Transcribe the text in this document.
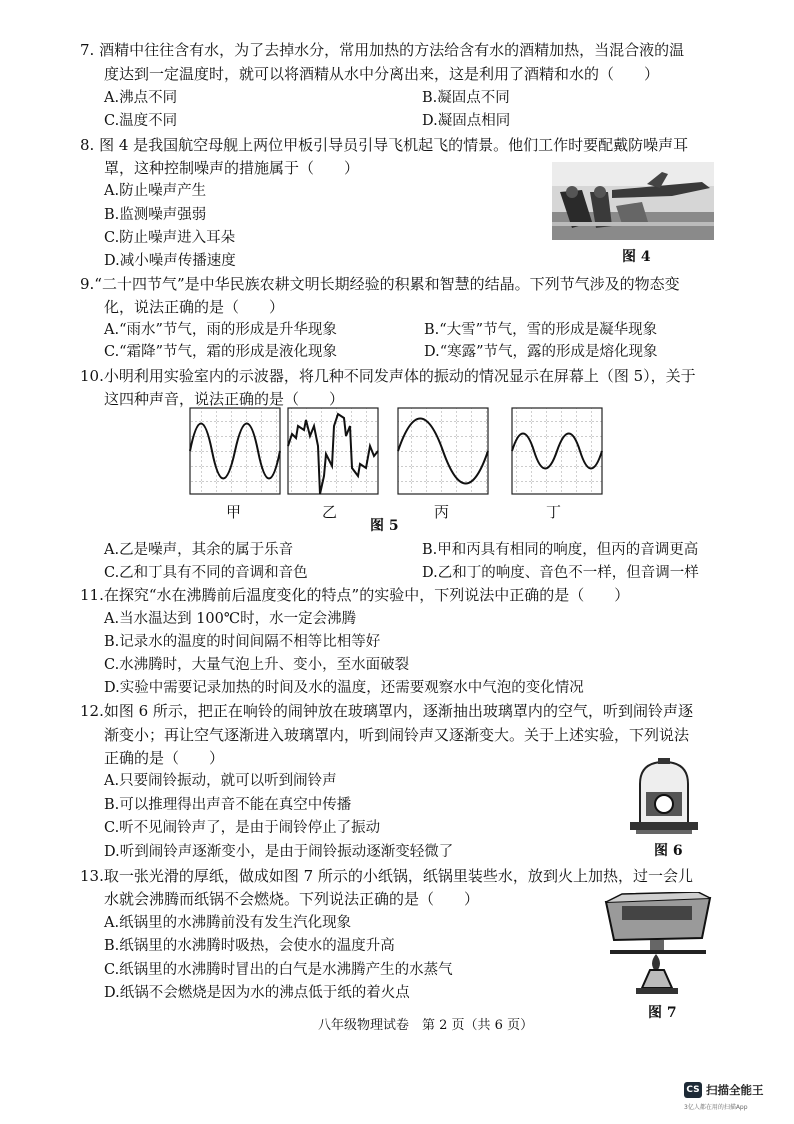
7. 酒精中往往含有水，为了去掉水分，常用加热的方法给含有水的酒精加热，当混合液的温
度达到一定温度时，就可以将酒精从水中分离出来，这是利用了酒精和水的（　　）
A.沸点不同	B.凝固点不同
C.温度不同	D.凝固点相同
8. 图 4 是我国航空母舰上两位甲板引导员引导飞机起飞的情景。他们工作时要配戴防噪声耳
罩，这种控制噪声的措施属于（　　）
A.防止噪声产生
B.监测噪声强弱
C.防止噪声进入耳朵
D.减小噪声传播速度	图 4
9.“二十四节气”是中华民族农耕文明长期经验的积累和智慧的结晶。下列节气涉及的物态变
化，说法正确的是（　　）
A.“雨水”节气，雨的形成是升华现象	B.“大雪”节气，雪的形成是凝华现象
C.“霜降”节气，霜的形成是液化现象	D.“寒露”节气，露的形成是熔化现象
10.小明利用实验室内的示波器，将几种不同发声体的振动的情况显示在屏幕上（图 5），关于
这四种声音，说法正确的是（　　）
甲	乙	丙	丁
图 5
A.乙是噪声，其余的属于乐音	B.甲和丙具有相同的响度，但丙的音调更高
C.乙和丁具有不同的音调和音色	D.乙和丁的响度、音色不一样，但音调一样
11.在探究“水在沸腾前后温度变化的特点”的实验中，下列说法中正确的是（　　）
A.当水温达到 100℃时，水一定会沸腾
B.记录水的温度的时间间隔不相等比相等好
C.水沸腾时，大量气泡上升、变小，至水面破裂
D.实验中需要记录加热的时间及水的温度，还需要观察水中气泡的变化情况
12.如图 6 所示，把正在响铃的闹钟放在玻璃罩内，逐渐抽出玻璃罩内的空气，听到闹铃声逐
渐变小；再让空气逐渐进入玻璃罩内，听到闹铃声又逐渐变大。关于上述实验，下列说法
正确的是（　　）
A.只要闹铃振动，就可以听到闹铃声
B.可以推理得出声音不能在真空中传播
C.听不见闹铃声了，是由于闹铃停止了振动
D.听到闹铃声逐渐变小，是由于闹铃振动逐渐变轻微了	图 6
13.取一张光滑的厚纸，做成如图 7 所示的小纸锅，纸锅里装些水，放到火上加热，过一会儿
水就会沸腾而纸锅不会燃烧。下列说法正确的是（　　）
A.纸锅里的水沸腾前没有发生汽化现象
B.纸锅里的水沸腾时吸热，会使水的温度升高
C.纸锅里的水沸腾时冒出的白气是水沸腾产生的水蒸气
D.纸锅不会燃烧是因为水的沸点低于纸的着火点
图 7
八年级物理试卷　第 2 页（共 6 页）
CS 扫描全能王
3亿人都在用的扫描App
